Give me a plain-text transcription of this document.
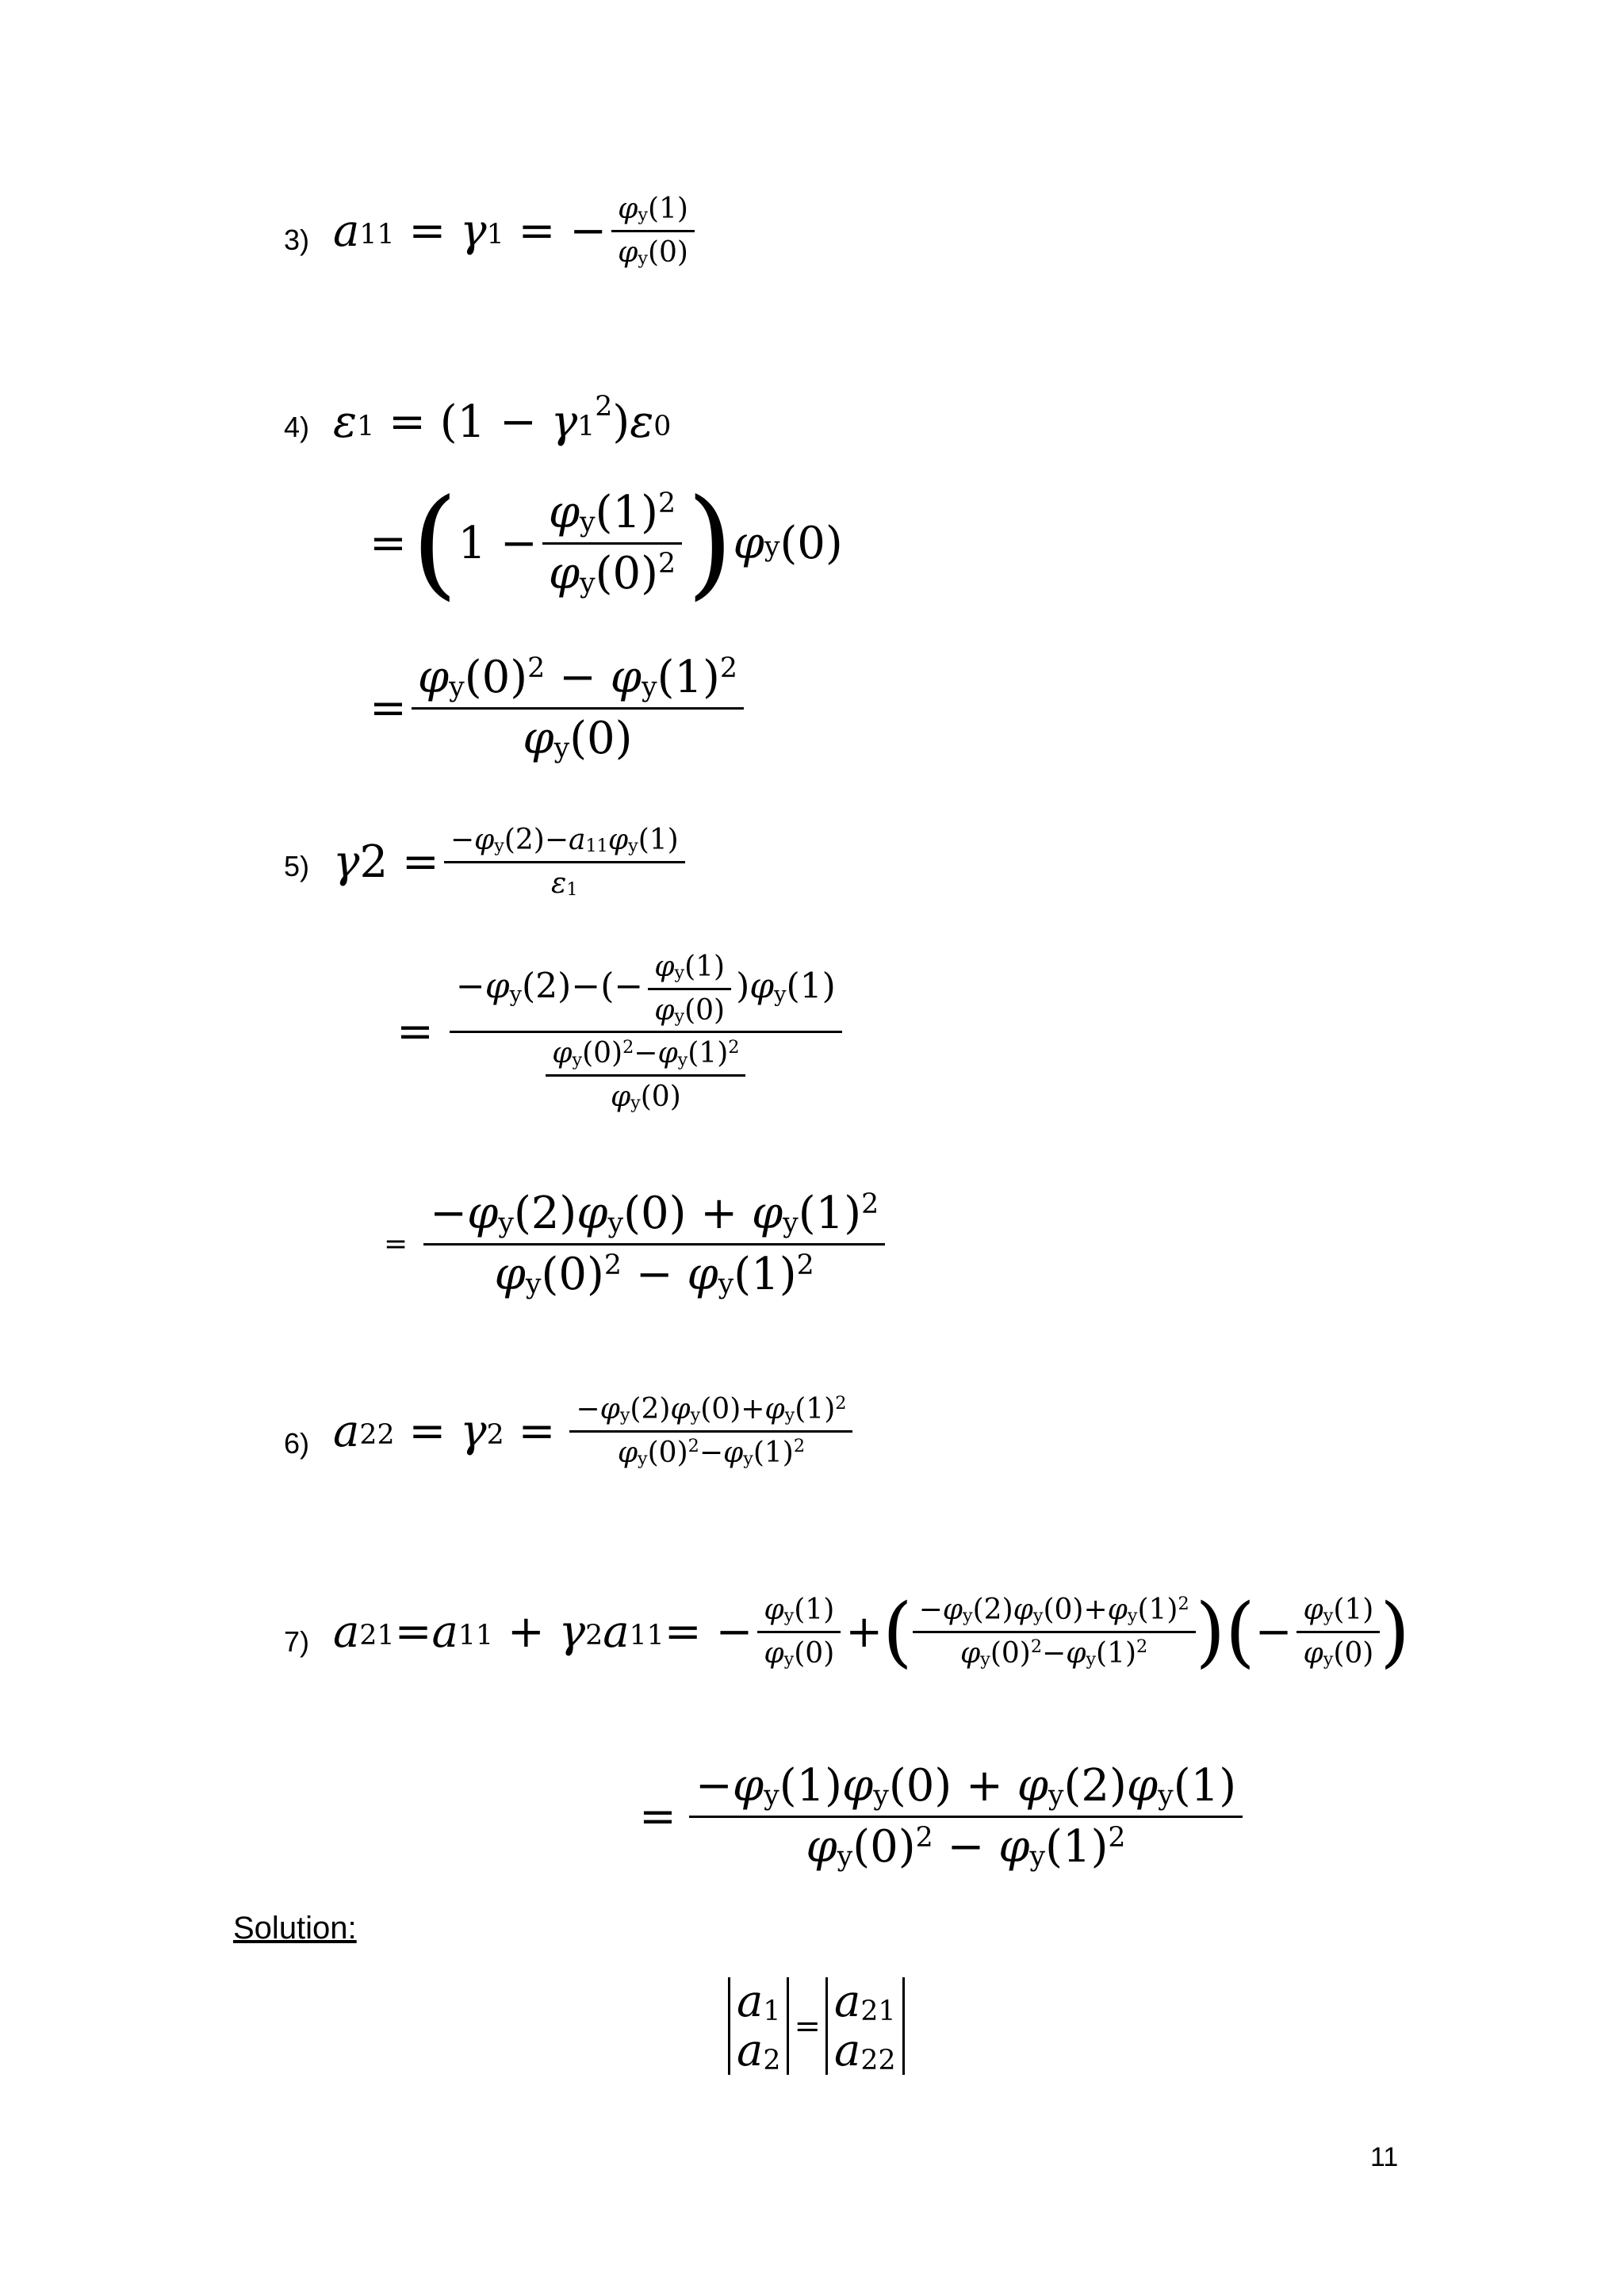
3) a 11
= γ 1
= − $\frac{\varphi y(1)}{\varphi y(0)}$
4) ε 1
= (1 − γ 1
2 ) ε 0
= ( $1 - \frac{\varphi y(1)^2}{\varphi y(0)^2}$ ) φ y (0)
= $\frac{\varphi y(0)^2 - \varphi y(1)^2}{\varphi y(0)}$
5) γ $2 = \frac{-\varphi y(2)-a11\varphi y(1)}{\varepsilon 1}$
= $\frac{-\varphi y(2)-(- \frac{\varphi y(1)}{\varphi y(0)} )\varphi y(1)}{\frac{\varphi y(0)^2-\varphi y(1)^2}{\varphi y(0)}}$
= $\frac{-\varphi y(2)\varphi y(0) + \varphi y(1)^2}{\varphi y(0)^2 - \varphi y(1)^2}$
6) a 22
= γ 2
= $\frac{-\varphi y(2)\varphi y(0)+\varphi y(1)^2}{\varphi y(0)^2-\varphi y(1)^2}$
7) a 21 = a 11
+ γ 2 a 11 = − $\frac{\varphi y(1)}{\varphi y(0)}$ + ( $\frac{-\varphi y(2)\varphi y(0)+\varphi y(1)^2}{\varphi y(0)^2-\varphi y(1)^2}$ ) ( − $\frac{\varphi y(1)}{\varphi y(0)}$ )
= $\frac{-\varphi y(1)\varphi y(0) + \varphi y(2)\varphi y(1)}{\varphi y(0)^2 - \varphi y(1)^2}$
Solution:
a1
a2
= a21
a22
11
